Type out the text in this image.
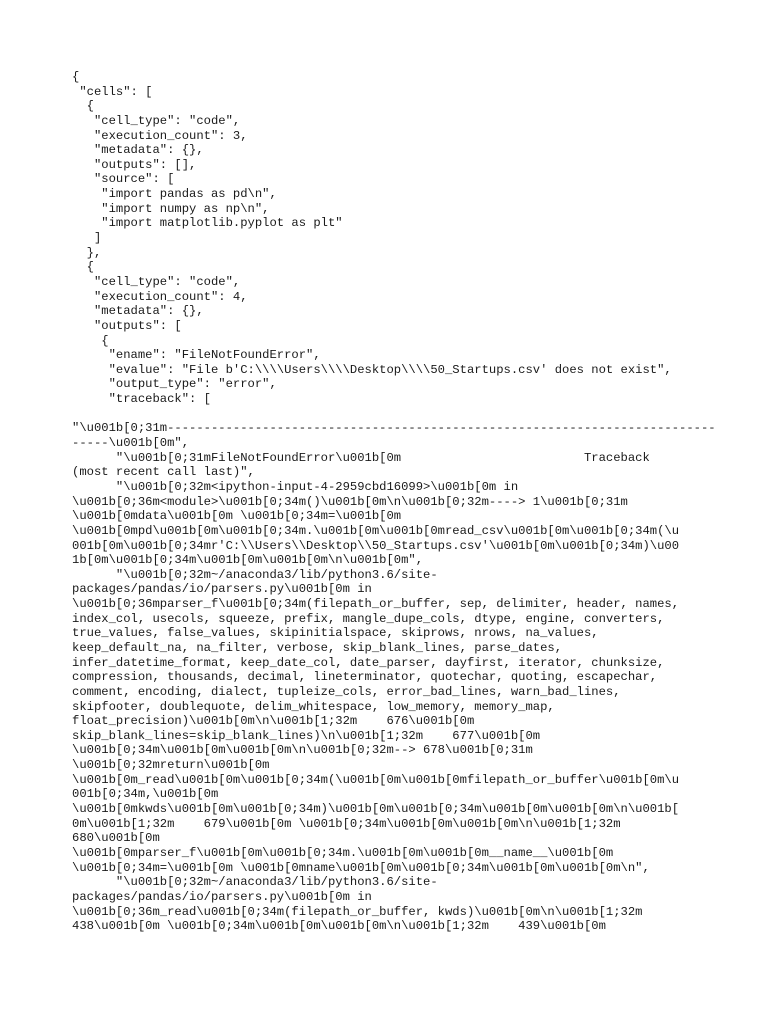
{
"cells": [
{
"cell_type": "code",
"execution_count": 3,
"metadata": {},
"outputs": [],
"source": [
"import pandas as pd\n",
"import numpy as np\n",
"import matplotlib.pyplot as plt"
]
},
{
"cell_type": "code",
"execution_count": 4,
"metadata": {},
"outputs": [
{
"ename": "FileNotFoundError",
"evalue": "File b'C:\\\\Users\\\\Desktop\\\\50_Startups.csv' does not exist",
"output_type": "error",
"traceback": [
"\u001b[0;31m---------------------------------------------------------------------------
-----\u001b[0m",
"\u001b[0;31mFileNotFoundError\u001b[0m                         Traceback
(most recent call last)",
"\u001b[0;32m<ipython-input-4-2959cbd16099>\u001b[0m in
\u001b[0;36m<module>\u001b[0;34m()\u001b[0m\n\u001b[0;32m----> 1\u001b[0;31m
\u001b[0mdata\u001b[0m \u001b[0;34m=\u001b[0m
\u001b[0mpd\u001b[0m\u001b[0;34m.\u001b[0m\u001b[0mread_csv\u001b[0m\u001b[0;34m(\u
001b[0m\u001b[0;34mr'C:\\Users\\Desktop\\50_Startups.csv'\u001b[0m\u001b[0;34m)\u00
1b[0m\u001b[0;34m\u001b[0m\u001b[0m\n\u001b[0m",
"\u001b[0;32m~/anaconda3/lib/python3.6/site-
packages/pandas/io/parsers.py\u001b[0m in
\u001b[0;36mparser_f\u001b[0;34m(filepath_or_buffer, sep, delimiter, header, names,
index_col, usecols, squeeze, prefix, mangle_dupe_cols, dtype, engine, converters,
true_values, false_values, skipinitialspace, skiprows, nrows, na_values,
keep_default_na, na_filter, verbose, skip_blank_lines, parse_dates,
infer_datetime_format, keep_date_col, date_parser, dayfirst, iterator, chunksize,
compression, thousands, decimal, lineterminator, quotechar, quoting, escapechar,
comment, encoding, dialect, tupleize_cols, error_bad_lines, warn_bad_lines,
skipfooter, doublequote, delim_whitespace, low_memory, memory_map,
float_precision)\u001b[0m\n\u001b[1;32m    676\u001b[0m
skip_blank_lines=skip_blank_lines)\n\u001b[1;32m    677\u001b[0m
\u001b[0;34m\u001b[0m\u001b[0m\n\u001b[0;32m--> 678\u001b[0;31m
\u001b[0;32mreturn\u001b[0m
\u001b[0m_read\u001b[0m\u001b[0;34m(\u001b[0m\u001b[0mfilepath_or_buffer\u001b[0m\u
001b[0;34m,\u001b[0m
\u001b[0mkwds\u001b[0m\u001b[0;34m)\u001b[0m\u001b[0;34m\u001b[0m\u001b[0m\n\u001b[
0m\u001b[1;32m    679\u001b[0m \u001b[0;34m\u001b[0m\u001b[0m\n\u001b[1;32m
680\u001b[0m
\u001b[0mparser_f\u001b[0m\u001b[0;34m.\u001b[0m\u001b[0m__name__\u001b[0m
\u001b[0;34m=\u001b[0m \u001b[0mname\u001b[0m\u001b[0;34m\u001b[0m\u001b[0m\n",
"\u001b[0;32m~/anaconda3/lib/python3.6/site-
packages/pandas/io/parsers.py\u001b[0m in
\u001b[0;36m_read\u001b[0;34m(filepath_or_buffer, kwds)\u001b[0m\n\u001b[1;32m
438\u001b[0m \u001b[0;34m\u001b[0m\u001b[0m\n\u001b[1;32m    439\u001b[0m
